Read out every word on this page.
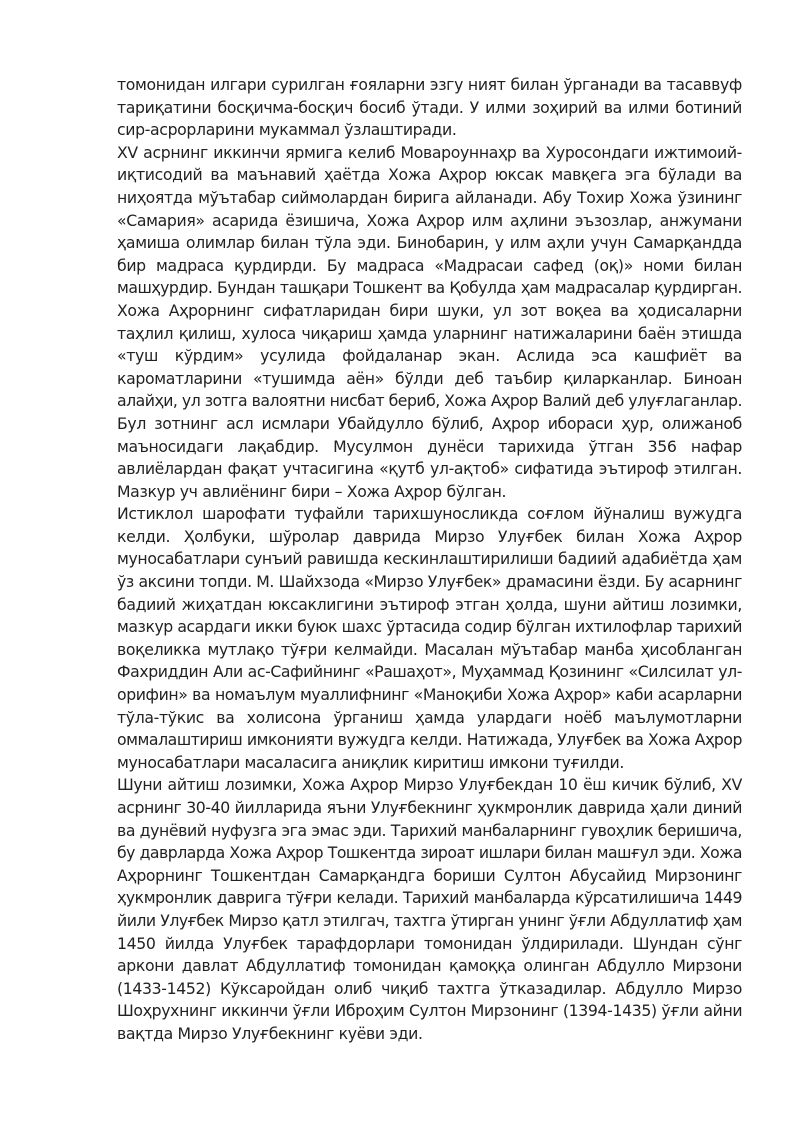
томонидан илгари сурилган ғояларни эзгу ният билан ўрганади ва тасаввуф
тариқатини босқичма-босқич босиб ўтади. У илми зоҳирий ва илми ботиний
сир-асрорларини мукаммал ўзлаштиради.
XV асрнинг иккинчи ярмига келиб Мовароуннаҳр ва Хуросондаги ижтимоий-
иқтисодий ва маънавий ҳаётда Хожа Аҳрор юксак мавқега эга бўлади ва
ниҳоятда мўътабар сиймолардан бирига айланади. Абу Тохир Хожа ўзининг
«Самария» асарида ёзишича, Хожа Аҳрор илм аҳлини эъзозлар, анжумани
ҳамиша олимлар билан тўла эди. Бинобарин, у илм аҳли учун Самарқандда
бир мадраса қурдирди. Бу мадраса «Мадрасаи сафед (оқ)» номи билан
машҳурдир. Бундан ташқари Тошкент ва Қобулда ҳам мадрасалар қурдирган.
Хожа Аҳрорнинг сифатларидан бири шуки, ул зот воқеа ва ҳодисаларни
таҳлил қилиш, хулоса чиқариш ҳамда уларнинг натижаларини баён этишда
«туш кўрдим» усулида фойдаланар экан. Аслида эса кашфиёт ва
кароматларини «тушимда аён» бўлди деб таъбир қиларканлар. Биноан
алайҳи, ул зотга валоятни нисбат бериб, Хожа Аҳрор Валий деб улуғлаганлар.
Бул зотнинг асл исмлари Убайдулло бўлиб, Аҳрор ибораси ҳур, олижаноб
маъносидаги лақабдир. Мусулмон дунёси тарихида ўтган 356 нафар
авлиёлардан фақат учтасигина «қутб ул-ақтоб» сифатида эътироф этилган.
Мазкур уч авлиёнинг бири – Хожа Аҳрор бўлган.
Истиклол шарофати туфайли тарихшуносликда соғлом йўналиш вужудга
келди. Ҳолбуки, шўролар даврида Мирзо Улуғбек билан Хожа Аҳрор
муносабатлари сунъий равишда кескинлаштирилиши бадиий адабиётда ҳам
ўз аксини топди. М. Шайхзода «Мирзо Улуғбек» драмасини ёзди. Бу асарнинг
бадиий жиҳатдан юксаклигини эътироф этган ҳолда, шуни айтиш лозимки,
мазкур асардаги икки буюк шахс ўртасида содир бўлган ихтилофлар тарихий
воқеликка мутлақо тўғри келмайди. Масалан мўътабар манба ҳисобланган
Фахриддин Али ас-Сафийнинг «Рашаҳот», Муҳаммад Қозининг «Силсилат ул-
орифин» ва номаълум муаллифнинг «Маноқиби Хожа Аҳрор» каби асарларни
тўла-тўкис ва холисона ўрганиш ҳамда улардаги ноёб маълумотларни
оммалаштириш имконияти вужудга келди. Натижада, Улуғбек ва Хожа Аҳрор
муносабатлари масаласига аниқлик киритиш имкони туғилди.
Шуни айтиш лозимки, Хожа Аҳрор Мирзо Улуғбекдан 10 ёш кичик бўлиб, XV
асрнинг 30-40 йилларида яъни Улуғбекнинг ҳукмронлик даврида ҳали диний
ва дунёвий нуфузга эга эмас эди. Тарихий манбаларнинг гувоҳлик беришича,
бу даврларда Хожа Аҳрор Тошкентда зироат ишлари билан машғул эди. Хожа
Аҳрорнинг Тошкентдан Самарқандга бориши Султон Абусайид Мирзонинг
ҳукмронлик даврига тўғри келади. Тарихий манбаларда кўрсатилишича 1449
йили Улуғбек Мирзо қатл этилгач, тахтга ўтирган унинг ўғли Абдуллатиф ҳам
1450 йилда Улуғбек тарафдорлари томонидан ўлдирилади. Шундан сўнг
аркони давлат Абдуллатиф томонидан қамоққа олинган Абдулло Мирзони
(1433-1452) Кўксаройдан олиб чиқиб тахтга ўтказадилар. Абдулло Мирзо
Шоҳрухнинг иккинчи ўғли Иброҳим Султон Мирзонинг (1394-1435) ўғли айни
вақтда Мирзо Улуғбекнинг куёви эди.
